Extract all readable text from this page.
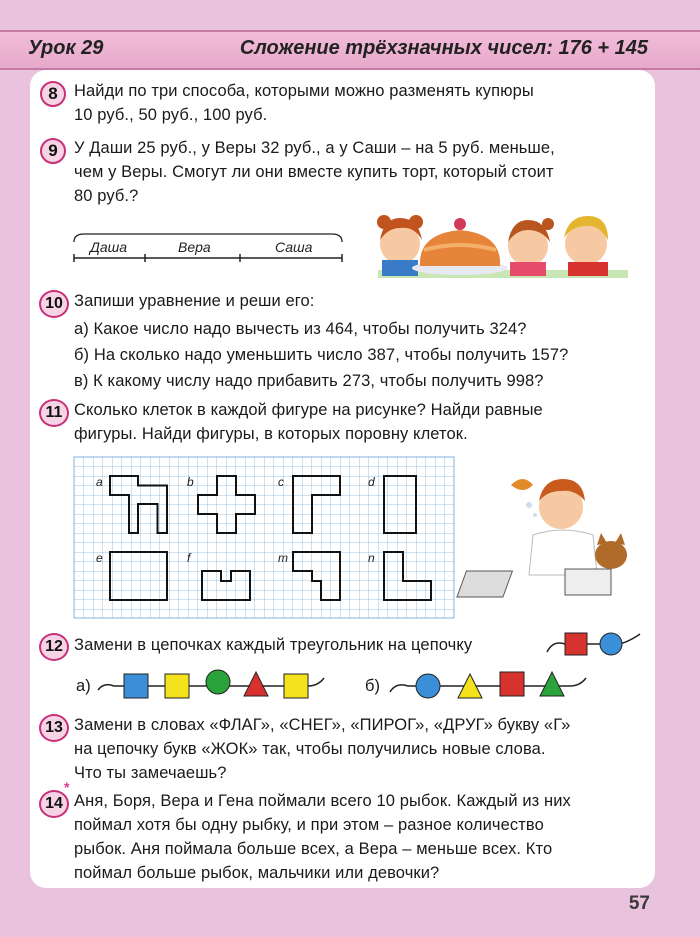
Урок 29	Сложение трёхзначных чисел: 176 + 145
8 Найди по три способа, которыми можно разменять купюры
10 руб., 50 руб., 100 руб.
9 У Даши 25 руб., у Веры 32 руб., а у Саши – на 5 руб. меньше,
чем у Веры. Смогут ли они вместе купить торт, который стоит
80 руб.?
Даша	Вера	Саша
10 Запиши уравнение и реши его:
а) Какое число надо вычесть из 464, чтобы получить 324?
б) На сколько надо уменьшить число 387, чтобы получить 157?
в) К какому числу надо прибавить 273, чтобы получить 998?
11 Сколько клеток в каждой фигуре на рисунке? Найди равные
фигуры. Найди фигуры, в которых поровну клеток.
a	b	c	d
e	f	m	n
12 Замени в цепочках каждый треугольник на цепочку
а)	б)
13 Замени в словах «ФЛАГ», «СНЕГ», «ПИРОГ», «ДРУГ» букву «Г»
на цепочку букв «ЖОК» так, чтобы получились новые слова.
Что ты замечаешь?
14
*
Аня, Боря, Вера и Гена поймали всего 10 рыбок. Каждый из них
поймал хотя бы одну рыбку, и при этом – разное количество
рыбок. Аня поймала больше всех, а Вера – меньше всех. Кто
поймал больше рыбок, мальчики или девочки?
57
